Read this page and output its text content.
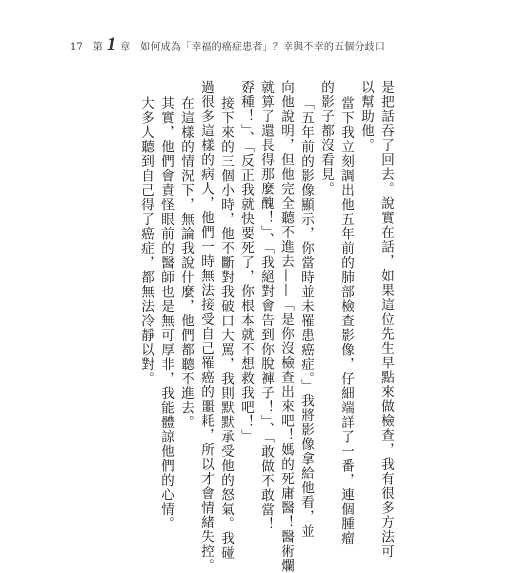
17 第 1 章 如何成為「幸福的癌症患者」？幸與不幸的五個分歧口
是把話吞了回去。說實在話，如果這位先生早點來做檢查，我有很多方法可
以幫助他。
當下我立刻調出他五年前的肺部檢查影像，仔細端詳了一番，連個腫瘤
的影子都沒看見。
「五年前的影像顯示，你當時並未罹患癌症。」我將影像拿給他看，並
向他說明，但他完全聽不進去——「是你沒檢查出來吧！媽的死庸醫！醫術爛
就算了還長得那麼醜！」、「我絕對會告到你脫褲子！」、「敢做不敢當！
孬種！」、「反正我就快要死了，你根本就不想救我吧！」
接下來的三個小時，他不斷對我破口大罵，我則默默承受他的怒氣。我碰
過很多這樣的病人，他們一時無法接受自己罹癌的噩耗，所以才會情緒失控。
在這樣的情況下，無論我說什麼，他們都聽不進去。
其實，他們會責怪眼前的醫師也是無可厚非，我能體諒他們的心情。
大多人聽到自己得了癌症，都無法冷靜以對。
